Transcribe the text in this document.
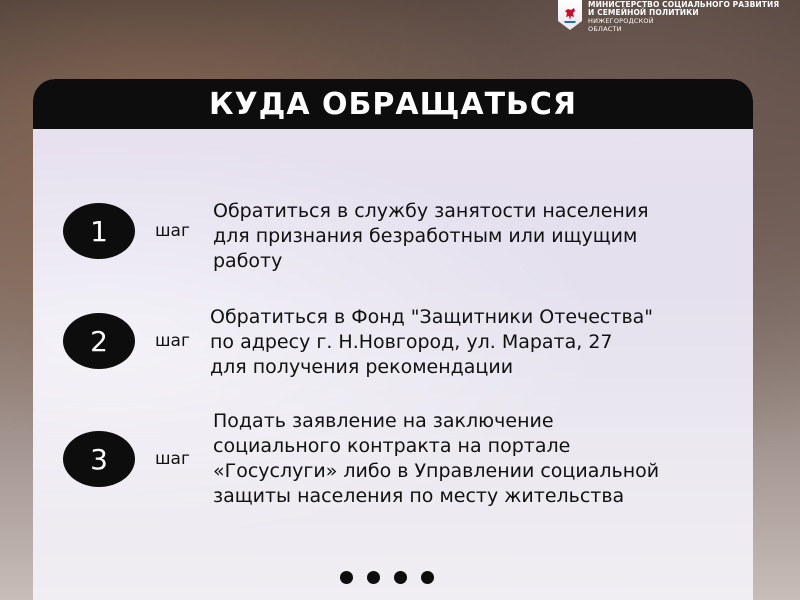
МИНИСТЕРСТВО СОЦИАЛЬНОГО РАЗВИТИЯ
И СЕМЕЙНОЙ ПОЛИТИКИ
НИЖЕГОРОДСКОЙ
ОБЛАСТИ
КУДА ОБРАЩАТЬСЯ
1	шаг
Обратиться в службу занятости населения
для признания безработным или ищущим
работу
2	шаг
Обратиться в Фонд "Защитники Отечества"
по адресу г. Н.Новгород, ул. Марата, 27
для получения рекомендации
3	шаг
Подать заявление на заключение
социального контракта на портале
«Госуслуги» либо в Управлении социальной
защиты населения по месту жительства
